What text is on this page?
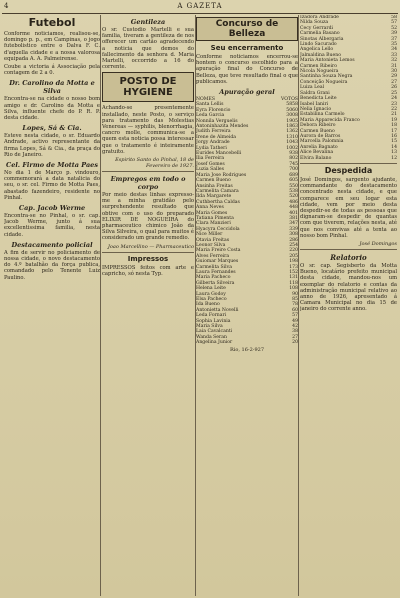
4	A GAZETA
Futebol

Conforme noticiamos, realisou-se, domingo p. p., em Campinas, o jogo futebolistico entre o Dalva F. C. d'aquella cidade e a nossa valorosa equipada A. A. Palmeirense.

Coube a victoria á Associação pela contagem de 2 a 0.

Dr. Carolino da Motta e Silva

Encontra-se na cidade o nosso bom amigo e dr. Carolino da Motta e Silva, influente chefe do P. R. P. desta cidade.

Lopes, Sá & Cia.

Esteve nesta cidade, o sr. Eduardo Andrade, activo representante da firma Lopes, Sá & Cia., da praça do Rio de Janeiro.

Cel. Firmo de Motta Paes

No dia 1 de Março p. vindouro, commemorará a data natalicia do seu, o sr. cel. Firmo de Motta Paes, abastado fazendeiro, residente no Pinhal.

Cap. Jacob Werme

Encontra-se no Pinhal, o sr. cap. Jacob Werme, junto á sua excellentissima familia, nesta cidade.

Destacamento policial

A fim de servir no policiamento de nossa cidade, o novo destacamento do 4.º batalhão da força publica, comandado pelo Tenente Luiz Paulino.

Gentileza

O sr. Custodio Martelli e sua familia, tiveram a gentileza de nos offerecer um cartão agradecendo a noticia que demos do fallecimento da senhora d. Maria Martelli, occorrido a 16 do corrente.

POSTO DE HYGIENE

Achando-se presentemente installado, neste Posto, o serviço para tratamento das Molestias Venereas — syphilis, blenorrhagia, cancro molle, communica-se a quem esta noticia possa interessar que o tratamento é inteiramente gratuito.

Espirito Santo do Pinhal, 18 de Fevereiro de 1927.
Empregos em todo o corpo

Por meio destas linhas expresso-me a minha gratidão pelo surprehendente resultado que obtive com o uso do preparado ELIXIR DE NOGUEIRA do pharmaceutico chimico João da Silva Silveira, o qual para muitos é considerado um grande remedio.

Joao Marcellino — Pharmaceutico
Impressos

IMPRESSOS feitos com arte e capricho, só nesta Typ.

Concurso de Belleza
Seu encerramento

Conforme noticiamos encerrou-se hontem o concurso escolhido para a apuração final do Concurso de Belleza, que teve resultado final o que publicamos.

Apuração geral
NOMES	VOTOS
Santa Lellis	5858
Eyra Florencio	5060
Leda Garcia	3008
Nonnila Verguelis	1905
Antoninhazita Mendes	1863
Judith Ferreira	1362
Irene de Almeida	1310
Jorgy Andrade	1043
Lydia Tatheri	1002
Eurides Mancebelli	938
Ilia Ferreira	802
Josef Gomes	745
Luzia Salles	700
Maria Jose Rodrigues	689
Carmen Bueno	605
Ansinha Freitas	550
Carmelita Camara	538
Ilda Margarete	520
Cuthbertha Caldas	486
Anna Neves	448
Maria Gomes	401
Tatiana Pimenta	381
Clara Manzieri	347
Hyacyra Ceccidola	339
Nice Miller	308
Otavia Freitas	286
Leonor Silva	254
Maria Freire Costa	220
Alves Ferreira	205
Guiomar Marques	198
Carmelita Silva	173
Laura Fernandes	152
Maria Pacheco	131
Gilberta Silveira	118
Helena Leite	108
Laura Godoy	90
Elsa Pacheco	85
Ida Bueno	78
Antonietta Novelli	60
Leda Fornari	57
Sophia Lavinia	49
Maria Silva	42
Laia Cavalcanti	38
Wanda Seran	27
Angelina Junior	20
Rio, 16-2-927
Izadora Andrade	58
Nilda Souza	57
Cecy Gerrardi	52
Carmelia Basano	39
Sinotas Albergaria	37
Lindo Sacurado	35
Angelica Lello	34
Jalmaldina Bueno	33
Maria Antonieta Lemos	32
Carmen Ribeiro	31
Nicola Nogueira	30
Santinha Souza Negra	29
Conceição Nogueira	27
Luiza Leal	26
Saldra Grani	25
Benedicta Leite	24
Isabel Ianiri	23
Nelia Ignacio	22
Estabilina Carmelo	21
Maria Apparecida Franco	19
Debora Ribeiro	18
Carmen Bueno	17
Aurora de Barros	16
Marcella Palomnia	15
Anrelia Bagnato	14
Alice Bevalina	13
Elvira Balano	12
Despedida

José Domingos, sargento ajudante, commandante do destacamento concentrado nesta cidade, e que comparece em seu logar esta cidade, vem por meio desta despedir-se de todas as pessoas que dignaram-se despedir de quantas com que tiverem, relações nesta, até que nos convivas até a tenta ao nosso bom Pinhal.

José Domingos
Relatorio

O sr. cap. Segisberto da Motta Bueno, locatário prefeito municipal desta cidade, mandou-nos um exemplar do relatorio e contas da administração municipal relativo ao anno de 1926, apresentado á Camara Municipal no dia 15 de janeiro do corrente anno.
